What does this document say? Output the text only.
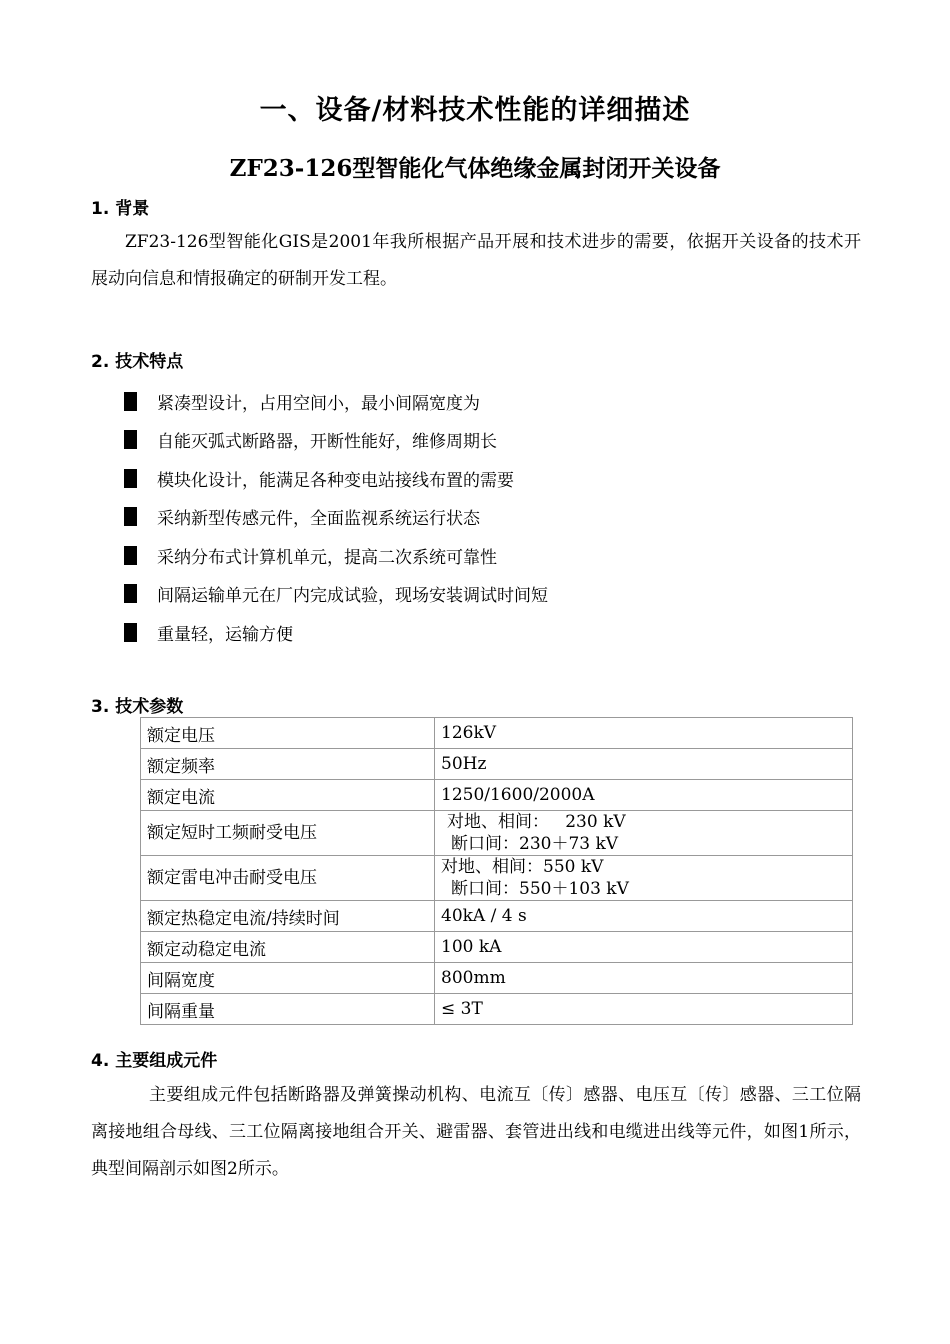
一、设备/材料技术性能的详细描述
ZF23-126型智能化气体绝缘金属封闭开关设备
1. 背景
ZF23-126型智能化GIS是2001年我所根据产品开展和技术进步的需要，依据开关设备的技术开展动向信息和情报确定的研制开发工程。
2. 技术特点
紧凑型设计，占用空间小，最小间隔宽度为
自能灭弧式断路器，开断性能好，维修周期长
模块化设计，能满足各种变电站接线布置的需要
采纳新型传感元件，全面监视系统运行状态
采纳分布式计算机单元，提高二次系统可靠性
间隔运输单元在厂内完成试验，现场安装调试时间短
重量轻，运输方便
3. 技术参数
额定电压	126kV
额定频率	50Hz
额定电流	1250/1600/2000A
额定短时工频耐受电压	对地、相间：   230 kV
断口间：230＋73 kV

额定雷电冲击耐受电压	对地、相间：550 kV
断口间：550＋103 kV

额定热稳定电流/持续时间	40kA / 4 s
额定动稳定电流	100 kA
间隔宽度	800mm
间隔重量	≤ 3T
4. 主要组成元件
主要组成元件包括断路器及弹簧操动机构、电流互〔传〕感器、电压互〔传〕感器、三工位隔离接地组合母线、三工位隔离接地组合开关、避雷器、套管进出线和电缆进出线等元件，如图1所示，典型间隔剖示如图2所示。
